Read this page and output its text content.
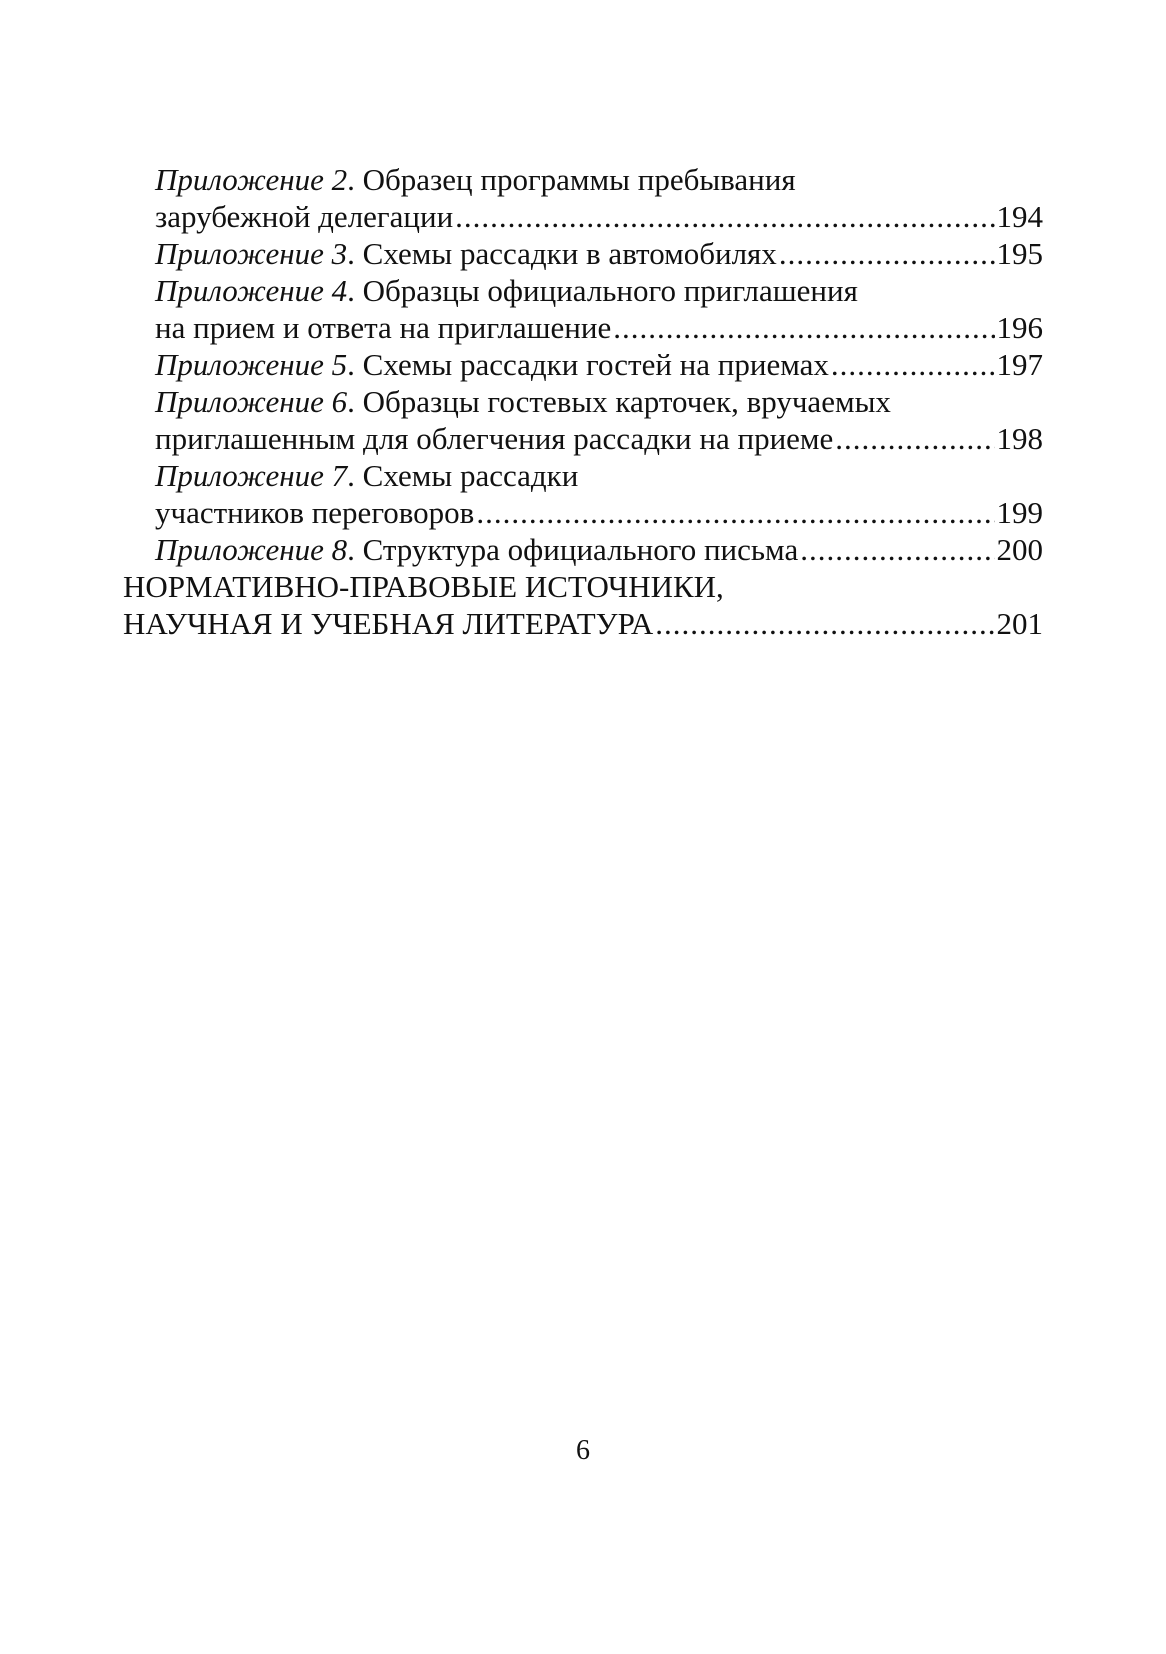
Приложение 2. Образец программы пребывания
зарубежной делегации .....	194
Приложение 3. Схемы рассадки в автомобилях .....	195
Приложение 4. Образцы официального приглашения
на прием и ответа на приглашение .....	196
Приложение 5. Схемы рассадки гостей на приемах .....	197
Приложение 6. Образцы гостевых карточек, вручаемых
приглашенным для облегчения рассадки на приеме .....	198
Приложение 7. Схемы рассадки
участников переговоров .....	199
Приложение 8. Структура официального письма .....	200
НОРМАТИВНО-ПРАВОВЫЕ ИСТОЧНИКИ,
НАУЧНАЯ И УЧЕБНАЯ ЛИТЕРАТУРА .....	201
6
